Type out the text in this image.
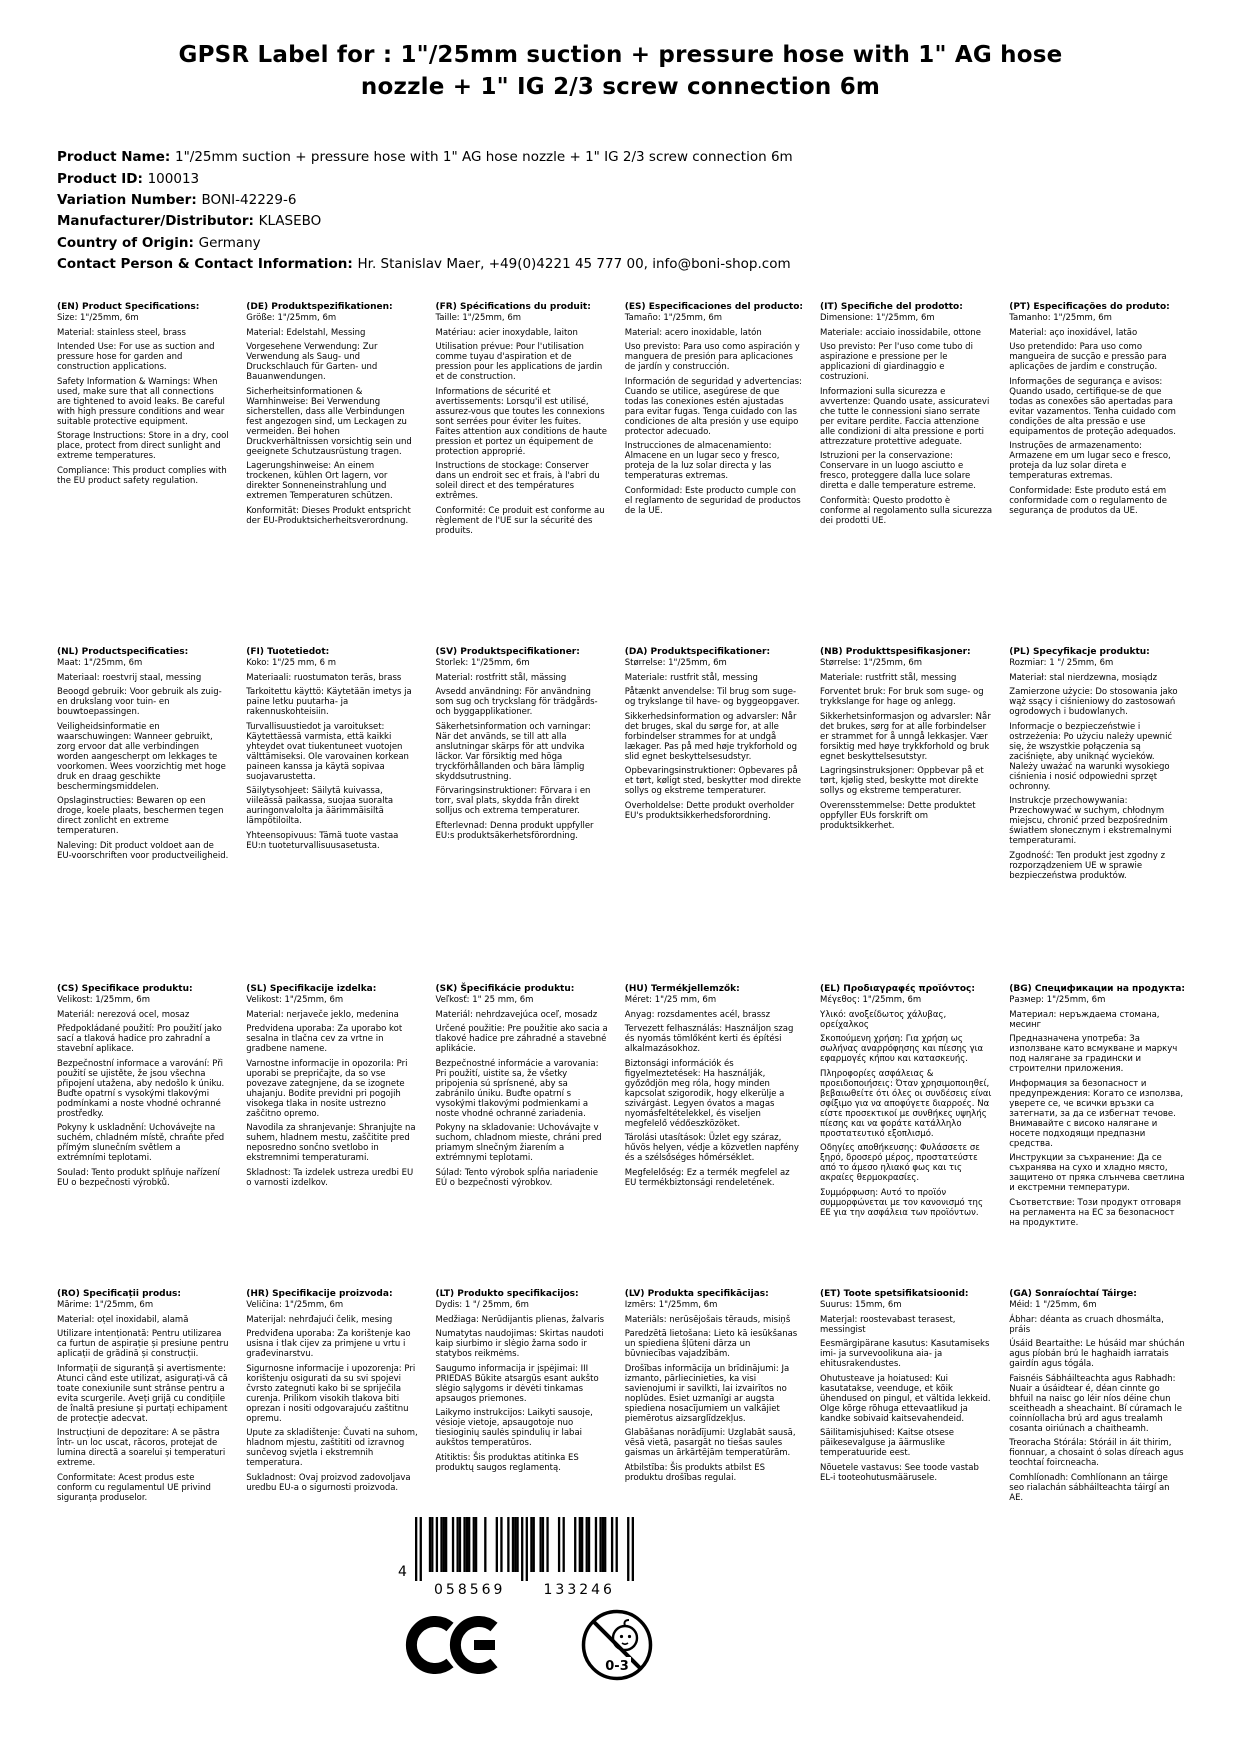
GPSR Label for : 1"/25mm suction + pressure hose with 1" AG hose nozzle + 1" IG 2/3 screw connection 6m
Product Name: 1"/25mm suction + pressure hose with 1" AG hose nozzle + 1" IG 2/3 screw connection 6m
Product ID: 100013
Variation Number: BONI-42229-6
Manufacturer/Distributor: KLASEBO
Country of Origin: Germany
Contact Person & Contact Information: Hr. Stanislav Maer, +49(0)4221 45 777 00, info@boni-shop.com
(EN) Product Specifications:

Size: 1"/25mm, 6m

Material: stainless steel, brass

Intended Use: For use as suction and pressure hose for garden and construction applications.

Safety Information & Warnings: When used, make sure that all connections are tightened to avoid leaks. Be careful with high pressure conditions and wear suitable protective equipment.

Storage Instructions: Store in a dry, cool place, protect from direct sunlight and extreme temperatures.

Compliance: This product complies with the EU product safety regulation.

(DE) Produktspezifikationen:

Größe: 1"/25mm, 6m

Material: Edelstahl, Messing

Vorgesehene Verwendung: Zur Verwendung als Saug- und Druckschlauch für Garten- und Bauanwendungen.

Sicherheitsinformationen & Warnhinweise: Bei Verwendung sicherstellen, dass alle Verbindungen fest angezogen sind, um Leckagen zu vermeiden. Bei hohen Druckverhältnissen vorsichtig sein und geeignete Schutzausrüstung tragen.

Lagerungshinweise: An einem trockenen, kühlen Ort lagern, vor direkter Sonneneinstrahlung und extremen Temperaturen schützen.

Konformität: Dieses Produkt entspricht der EU-Produktsicherheitsverordnung.

(FR) Spécifications du produit:

Taille: 1"/25mm, 6m

Matériau: acier inoxydable, laiton

Utilisation prévue: Pour l'utilisation comme tuyau d'aspiration et de pression pour les applications de jardin et de construction.

Informations de sécurité et avertissements: Lorsqu'il est utilisé, assurez-vous que toutes les connexions sont serrées pour éviter les fuites. Faites attention aux conditions de haute pression et portez un équipement de protection approprié.

Instructions de stockage: Conserver dans un endroit sec et frais, à l'abri du soleil direct et des températures extrêmes.

Conformité: Ce produit est conforme au règlement de l'UE sur la sécurité des produits.

(ES) Especificaciones del producto:

Tamaño: 1"/25mm, 6m

Material: acero inoxidable, latón

Uso previsto: Para uso como aspiración y manguera de presión para aplicaciones de jardín y construcción.

Información de seguridad y advertencias: Cuando se utilice, asegúrese de que todas las conexiones estén ajustadas para evitar fugas. Tenga cuidado con las condiciones de alta presión y use equipo protector adecuado.

Instrucciones de almacenamiento: Almacene en un lugar seco y fresco, proteja de la luz solar directa y las temperaturas extremas.

Conformidad: Este producto cumple con el reglamento de seguridad de productos de la UE.

(IT) Specifiche del prodotto:

Dimensione: 1"/25mm, 6m

Materiale: acciaio inossidabile, ottone

Uso previsto: Per l'uso come tubo di aspirazione e pressione per le applicazioni di giardinaggio e costruzioni.

Informazioni sulla sicurezza e avvertenze: Quando usate, assicuratevi che tutte le connessioni siano serrate per evitare perdite. Faccia attenzione alle condizioni di alta pressione e porti attrezzature protettive adeguate.

Istruzioni per la conservazione: Conservare in un luogo asciutto e fresco, proteggere dalla luce solare diretta e dalle temperature estreme.

Conformità: Questo prodotto è conforme al regolamento sulla sicurezza dei prodotti UE.

(PT) Especificações do produto:

Tamanho: 1"/25mm, 6m

Material: aço inoxidável, latão

Uso pretendido: Para uso como mangueira de sucção e pressão para aplicações de jardim e construção.

Informações de segurança e avisos: Quando usado, certifique-se de que todas as conexões são apertadas para evitar vazamentos. Tenha cuidado com condições de alta pressão e use equipamentos de proteção adequados.

Instruções de armazenamento: Armazene em um lugar seco e fresco, proteja da luz solar direta e temperaturas extremas.

Conformidade: Este produto está em conformidade com o regulamento de segurança de produtos da UE.

(NL) Productspecificaties:

Maat: 1"/25mm, 6m

Materiaal: roestvrij staal, messing

Beoogd gebruik: Voor gebruik als zuig- en drukslang voor tuin- en bouwtoepassingen.

Veiligheidsinformatie en waarschuwingen: Wanneer gebruikt, zorg ervoor dat alle verbindingen worden aangescherpt om lekkages te voorkomen. Wees voorzichtig met hoge druk en draag geschikte beschermingsmiddelen.

Opslaginstructies: Bewaren op een droge, koele plaats, beschermen tegen direct zonlicht en extreme temperaturen.

Naleving: Dit product voldoet aan de EU-voorschriften voor productveiligheid.

(FI) Tuotetiedot:

Koko: 1"/25 mm, 6 m

Materiaali: ruostumaton teräs, brass

Tarkoitettu käyttö: Käytetään imetys ja paine letku puutarha- ja rakennuskohteisiin.

Turvallisuustiedot ja varoitukset: Käytettäessä varmista, että kaikki yhteydet ovat tiukentuneet vuotojen välttämiseksi. Ole varovainen korkean paineen kanssa ja käytä sopivaa suojavarustetta.

Säilytysohjeet: Säilytä kuivassa, viileässä paikassa, suojaa suoralta auringonvalolta ja äärimmäisiltä lämpötiloilta.

Yhteensopivuus: Tämä tuote vastaa EU:n tuoteturvallisuusasetusta.

(SV) Produktspecifikationer:

Storlek: 1"/25mm, 6m

Material: rostfritt stål, mässing

Avsedd användning: För användning som sug och tryckslang för trädgårds- och byggapplikationer.

Säkerhetsinformation och varningar: När det används, se till att alla anslutningar skärps för att undvika läckor. Var försiktig med höga tryckförhållanden och bära lämplig skyddsutrustning.

Förvaringsinstruktioner: Förvara i en torr, sval plats, skydda från direkt solljus och extrema temperaturer.

Efterlevnad: Denna produkt uppfyller EU:s produktsäkerhetsförordning.

(DA) Produktspecifikationer:

Størrelse: 1"/25mm, 6m

Materiale: rustfrit stål, messing

Påtænkt anvendelse: Til brug som suge- og trykslange til have- og byggeopgaver.

Sikkerhedsinformation og advarsler: Når det bruges, skal du sørge for, at alle forbindelser strammes for at undgå lækager. Pas på med høje trykforhold og slid egnet beskyttelsesudstyr.

Opbevaringsinstruktioner: Opbevares på et tørt, køligt sted, beskytter mod direkte sollys og ekstreme temperaturer.

Overholdelse: Dette produkt overholder EU's produktsikkerhedsforordning.

(NB) Produkttspesifikasjoner:

Størrelse: 1"/25mm, 6m

Materiale: rustfritt stål, messing

Forventet bruk: For bruk som suge- og trykkslange for hage og anlegg.

Sikkerhetsinformasjon og advarsler: Når det brukes, sørg for at alle forbindelser er strammet for å unngå lekkasjer. Vær forsiktig med høye trykkforhold og bruk egnet beskyttelsesutstyr.

Lagringsinstruksjoner: Oppbevar på et tørt, kjølig sted, beskytte mot direkte sollys og ekstreme temperaturer.

Overensstemmelse: Dette produktet oppfyller EUs forskrift om produktsikkerhet.

(PL) Specyfikacje produktu:

Rozmiar: 1 "/ 25mm, 6m

Materiał: stal nierdzewna, mosiądz

Zamierzone użycie: Do stosowania jako wąż ssący i ciśnieniowy do zastosowań ogrodowych i budowlanych.

Informacje o bezpieczeństwie i ostrzeżenia: Po użyciu należy upewnić się, że wszystkie połączenia są zaciśnięte, aby uniknąć wycieków. Należy uważać na warunki wysokiego ciśnienia i nosić odpowiedni sprzęt ochronny.

Instrukcje przechowywania: Przechowywać w suchym, chłodnym miejscu, chronić przed bezpośrednim światłem słonecznym i ekstremalnymi temperaturami.

Zgodność: Ten produkt jest zgodny z rozporządzeniem UE w sprawie bezpieczeństwa produktów.

(CS) Specifikace produktu:

Velikost: 1/25mm, 6m

Materiál: nerezová ocel, mosaz

Předpokládané použití: Pro použití jako sací a tlaková hadice pro zahradní a stavební aplikace.

Bezpečnostní informace a varování: Při použití se ujistěte, že jsou všechna připojení utažena, aby nedošlo k úniku. Buďte opatrní s vysokými tlakovými podmínkami a noste vhodné ochranné prostředky.

Pokyny k uskladnění: Uchovávejte na suchém, chladném místě, chraňte před přímým slunečním světlem a extrémními teplotami.

Soulad: Tento produkt splňuje nařízení EU o bezpečnosti výrobků.

(SL) Specifikacije izdelka:

Velikost: 1"/25mm, 6m

Material: nerjaveče jeklo, medenina

Predvidena uporaba: Za uporabo kot sesalna in tlačna cev za vrtne in gradbene namene.

Varnostne informacije in opozorila: Pri uporabi se prepričajte, da so vse povezave zategnjene, da se izognete uhajanju. Bodite previdni pri pogojih visokega tlaka in nosite ustrezno zaščitno opremo.

Navodila za shranjevanje: Shranjujte na suhem, hladnem mestu, zaščitite pred neposredno sončno svetlobo in ekstremnimi temperaturami.

Skladnost: Ta izdelek ustreza uredbi EU o varnosti izdelkov.

(SK) Špecifikácie produktu:

Veľkosť: 1" 25 mm, 6m

Materiál: nehrdzavejúca oceľ, mosadz

Určené použitie: Pre použitie ako sacia a tlakové hadice pre záhradné a stavebné aplikácie.

Bezpečnostné informácie a varovania: Pri použití, uistite sa, že všetky pripojenia sú sprísnené, aby sa zabránilo úniku. Buďte opatrní s vysokými tlakovými podmienkami a noste vhodné ochranné zariadenia.

Pokyny na skladovanie: Uchovávajte v suchom, chladnom mieste, chráni pred priamym slnečným žiarením a extrémnymi teplotami.

Súlad: Tento výrobok spĺňa nariadenie EÚ o bezpečnosti výrobkov.

(HU) Termékjellemzők:

Méret: 1"/25 mm, 6m

Anyag: rozsdamentes acél, brassz

Tervezett felhasználás: Használjon szag és nyomás tömlőként kerti és építési alkalmazásokhoz.

Biztonsági információk és figyelmeztetések: Ha használják, győződjön meg róla, hogy minden kapcsolat szigorodik, hogy elkerülje a szivárgást. Legyen óvatos a magas nyomásfeltételekkel, és viseljen megfelelő védőeszközöket.

Tárolási utasítások: Üzlet egy száraz, hűvös helyen, védje a közvetlen napfény és a szélsőséges hőmérséklet.

Megfelelőség: Ez a termék megfelel az EU termékbiztonsági rendeletének.

(EL) Προδιαγραφές προϊόντος:

Μέγεθος: 1"/25mm, 6m

Υλικό: ανοξείδωτος χάλυβας, ορείχαλκος

Σκοπούμενη χρήση: Για χρήση ως σωλήνας αναρρόφησης και πίεσης για εφαρμογές κήπου και κατασκευής.

Πληροφορίες ασφάλειας & προειδοποιήσεις: Όταν χρησιμοποιηθεί, βεβαιωθείτε ότι όλες οι συνδέσεις είναι σφίξιμο για να αποφύγετε διαρροές. Να είστε προσεκτικοί με συνθήκες υψηλής πίεσης και να φοράτε κατάλληλο προστατευτικό εξοπλισμό.

Οδηγίες αποθήκευσης: Φυλάσσετε σε ξηρό, δροσερό μέρος, προστατεύστε από το άμεσο ηλιακό φως και τις ακραίες θερμοκρασίες.

Συμμόρφωση: Αυτό το προϊόν συμμορφώνεται με τον κανονισμό της ΕΕ για την ασφάλεια των προϊόντων.

(BG) Спецификации на продукта:

Размер: 1"/25mm, 6m

Материал: неръждаема стомана, месинг

Предназначена употреба: За използване като всмукване и маркуч под налягане за градински и строителни приложения.

Информация за безопасност и предупреждения: Когато се използва, уверете се, че всички връзки са затегнати, за да се избегнат течове. Внимавайте с високо налягане и носете подходящи предпазни средства.

Инструкции за съхранение: Да се съхранява на сухо и хладно място, защитено от пряка слънчева светлина и екстремни температури.

Съответствие: Този продукт отговаря на регламента на ЕС за безопасност на продуктите.

(RO) Specificații produs:

Mărime: 1"/25mm, 6m

Material: oțel inoxidabil, alamă

Utilizare intenționată: Pentru utilizarea ca furtun de aspirație și presiune pentru aplicații de grădină și construcții.

Informații de siguranță și avertismente: Atunci când este utilizat, asigurați-vă că toate conexiunile sunt strânse pentru a evita scurgerile. Aveți grijă cu condițiile de înaltă presiune și purtați echipament de protecție adecvat.

Instrucțiuni de depozitare: A se păstra într- un loc uscat, răcoros, protejat de lumina directă a soarelui și temperaturi extreme.

Conformitate: Acest produs este conform cu regulamentul UE privind siguranța produselor.

(HR) Specifikacije proizvoda:

Veličina: 1"/25mm, 6m

Materijal: nehrđajući čelik, mesing

Predviđena uporaba: Za korištenje kao usisna i tlak cijev za primjene u vrtu i građevinarstvu.

Sigurnosne informacije i upozorenja: Pri korištenju osigurati da su svi spojevi čvrsto zategnuti kako bi se spriječila curenja. Prilikom visokih tlakova biti oprezan i nositi odgovarajuću zaštitnu opremu.

Upute za skladištenje: Čuvati na suhom, hladnom mjestu, zaštititi od izravnog sunčevog svjetla i ekstremnih temperatura.

Sukladnost: Ovaj proizvod zadovoljava uredbu EU-a o sigurnosti proizvoda.

(LT) Produkto specifikacijos:

Dydis: 1 "/ 25mm, 6m

Medžiaga: Nerūdijantis plienas, žalvaris

Numatytas naudojimas: Skirtas naudoti kaip siurbimo ir slėgio žarna sodo ir statybos reikmėms.

Saugumo informacija ir įspėjimai: III PRIEDAS Būkite atsargūs esant aukšto slėgio sąlygoms ir dėvėti tinkamas apsaugos priemones.

Laikymo instrukcijos: Laikyti sausoje, vėsioje vietoje, apsaugotoje nuo tiesioginių saulės spindulių ir labai aukštos temperatūros.

Atitiktis: Šis produktas atitinka ES produktų saugos reglamentą.

(LV) Produkta specifikācijas:

Izmērs: 1"/25mm, 6m

Materiāls: nerūsējošais tērauds, misiņš

Paredzētā lietošana: Lieto kā iesūkšanas un spiediena šļūteni dārza un būvniecības vajadzībām.

Drošības informācija un brīdinājumi: Ja izmanto, pārliecinieties, ka visi savienojumi ir savilkti, lai izvairītos no noplūdes. Esiet uzmanīgi ar augsta spiediena nosacījumiem un valkājiet piemērotus aizsarglīdzekļus.

Glabāšanas norādījumi: Uzglabāt sausā, vēsā vietā, pasargāt no tiešas saules gaismas un ārkārtējām temperatūrām.

Atbilstība: Šis produkts atbilst ES produktu drošības regulai.

(ET) Toote spetsifikatsioonid:

Suurus: 15mm, 6m

Materjal: roostevabast terasest, messingist

Eesmärgipärane kasutus: Kasutamiseks imi- ja survevoolikuna aia- ja ehitusrakendustes.

Ohutusteave ja hoiatused: Kui kasutatakse, veenduge, et kõik ühendused on pingul, et vältida lekkeid. Olge kõrge rõhuga ettevaatlikud ja kandke sobivaid kaitsevahendeid.

Säilitamisjuhised: Kaitse otsese päikesevalguse ja äärmuslike temperatuuride eest.

Nõuetele vastavus: See toode vastab EL-i tooteohutusmäärusele.

(GA) Sonraíochtaí Táirge:

Méid: 1 "/25mm, 6m

Ábhar: déanta as cruach dhosmálta, práis

Úsáid Beartaithe: Le húsáid mar shúchán agus píobán brú le haghaidh iarratais gairdín agus tógála.

Faisnéis Sábháilteachta agus Rabhadh: Nuair a úsáidtear é, déan cinnte go bhfuil na naisc go léir níos déine chun sceitheadh a sheachaint. Bí cúramach le coinníollacha brú ard agus trealamh cosanta oiriúnach a chaitheamh.

Treoracha Stórála: Stóráil in áit thirim, fionnuar, a chosaint ó solas díreach agus teochtaí foircneacha.

Comhlíonadh: Comhlíonann an táirge seo rialachán sábháilteachta táirgí an AE.

4
058569	133246
0-3
